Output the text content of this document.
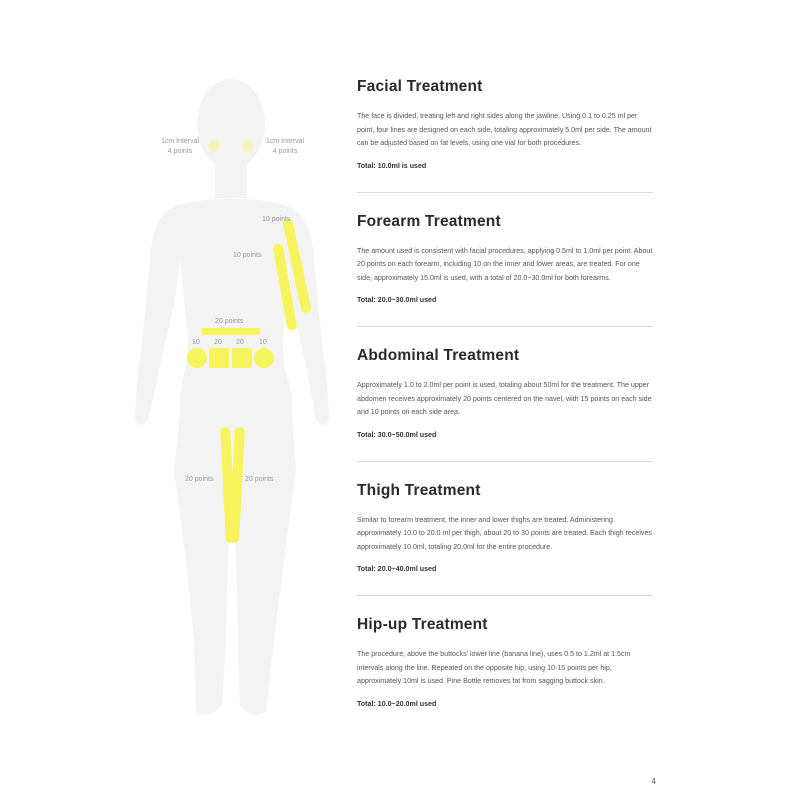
1cm Interval
4 points
1cm Interval
4 points
10 points
10 points
20 points
10 20 20 10
20 points	20 points
Facial Treatment

The face is divided, treating left and right sides along the jawline. Using 0.1 to 0.25 ml per point, four lines are designed on each side, totaling approximately 5.0ml per side. The amount can be adjusted based on fat levels, using one vial for both procedures.

Total: 10.0ml is used
Forearm Treatment

The amount used is consistent with facial procedures, applying 0.5ml to 1.0ml per point. About 20 points on each forearm, including 10 on the inner and lower areas, are treated. For one side, approximately 15.0ml is used, with a total of 20.0~30.0ml for both forearms.

Total: 20.0~30.0ml used
Abdominal Treatment

Approximately 1.0 to 2.0ml per point is used, totaling about 50ml for the treatment. The upper abdomen receives approximately 20 points centered on the navel, with 15 points on each side and 10 points on each side area.

Total: 30.0~50.0ml used
Thigh Treatment

Similar to forearm treatment, the inner and lower thighs are treated. Administering approximately 10.0 to 20.0 ml per thigh, about 20 to 30 points are treated. Each thigh receives approximately 10.0ml, totaling 20.0ml for the entire procedure.

Total: 20.0~40.0ml used
Hip-up Treatment

The procedure, above the buttocks' lower line (banana line), uses 0.5 to 1.2ml at 1.5cm intervals along the line. Repeated on the opposite hip, using 10-15 points per hip, approximately 10ml is used. Pine Bottle removes fat from sagging buttock skin.

Total: 10.0~20.0ml used
4
